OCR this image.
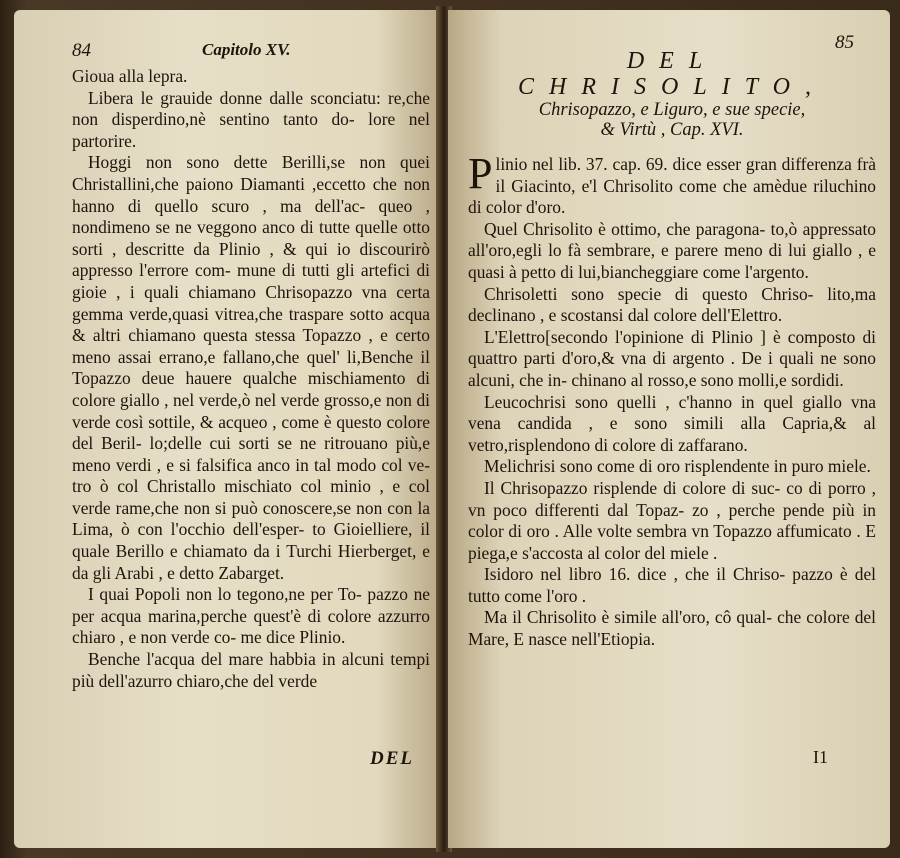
84	Capitolo XV.

Gioua alla lepra.

Libera le grauide donne dalle sconciatu: re,che non disperdino,nè sentino tanto do- lore nel partorire.

Hoggi non sono dette Berilli,se non quei Christallini,che paiono Diamanti ,eccetto che non hanno di quello scuro , ma dell'ac- queo , nondimeno se ne veggono anco di tutte quelle otto sorti , descritte da Plinio , & qui io discourirò appresso l'errore com- mune di tutti gli artefici di gioie , i quali chiamano Chrisopazzo vna certa gemma verde,quasi vitrea,che traspare sotto acqua & altri chiamano questa stessa Topazzo , e certo meno assai errano,e fallano,che quel' li,Benche il Topazzo deue hauere qualche mischiamento di colore giallo , nel verde,ò nel verde grosso,e non di verde così sottile, & acqueo , come è questo colore del Beril- lo;delle cui sorti se ne ritrouano più,e meno verdi , e si falsifica anco in tal modo col ve- tro ò col Christallo mischiato col minio , e col verde rame,che non si può conoscere,se non con la Lima, ò con l'occhio dell'esper- to Gioielliere, il quale Berillo e chiamato da i Turchi Hierberget, e da gli Arabi , e detto Zabarget.

I quai Popoli non lo tegono,ne per To- pazzo ne per acqua marina,perche quest'è di colore azzurro chiaro , e non verde co- me dice Plinio.

Benche l'acqua del mare habbia in alcuni tempi più dell'azurro chiaro,che del verde

DEL
85
DEL CHRISOLITO,
Chrisopazzo, e Liguro, e sue specie,
& Virtù , Cap. XVI.

Plinio nel lib. 37. cap. 69. dice esser gran differenza frà il Giacinto, e'l Chrisolito come che amèdue riluchino di color d'oro.

Quel Chrisolito è ottimo, che paragona- to,ò appressato all'oro,egli lo fà sembrare, e parere meno di lui giallo , e quasi à petto di lui,biancheggiare come l'argento.

Chrisoletti sono specie di questo Chriso- lito,ma declinano , e scostansi dal colore dell'Elettro.

L'Elettro[secondo l'opinione di Plinio ] è composto di quattro parti d'oro,& vna di argento . De i quali ne sono alcuni, che in- chinano al rosso,e sono molli,e sordidi.

Leucochrisi sono quelli , c'hanno in quel giallo vna vena candida , e sono simili alla Capria,& al vetro,risplendono di colore di zaffarano.

Melichrisi sono come di oro risplendente in puro miele.

Il Chrisopazzo risplende di colore di suc- co di porro , vn poco differenti dal Topaz- zo , perche pende più in color di oro . Alle volte sembra vn Topazzo affumicato . E piega,e s'accosta al color del miele .

Isidoro nel libro 16. dice , che il Chriso- pazzo è del tutto come l'oro .

Ma il Chrisolito è simile all'oro, cô qual- che colore del Mare, E nasce nell'Etiopia.

I1
